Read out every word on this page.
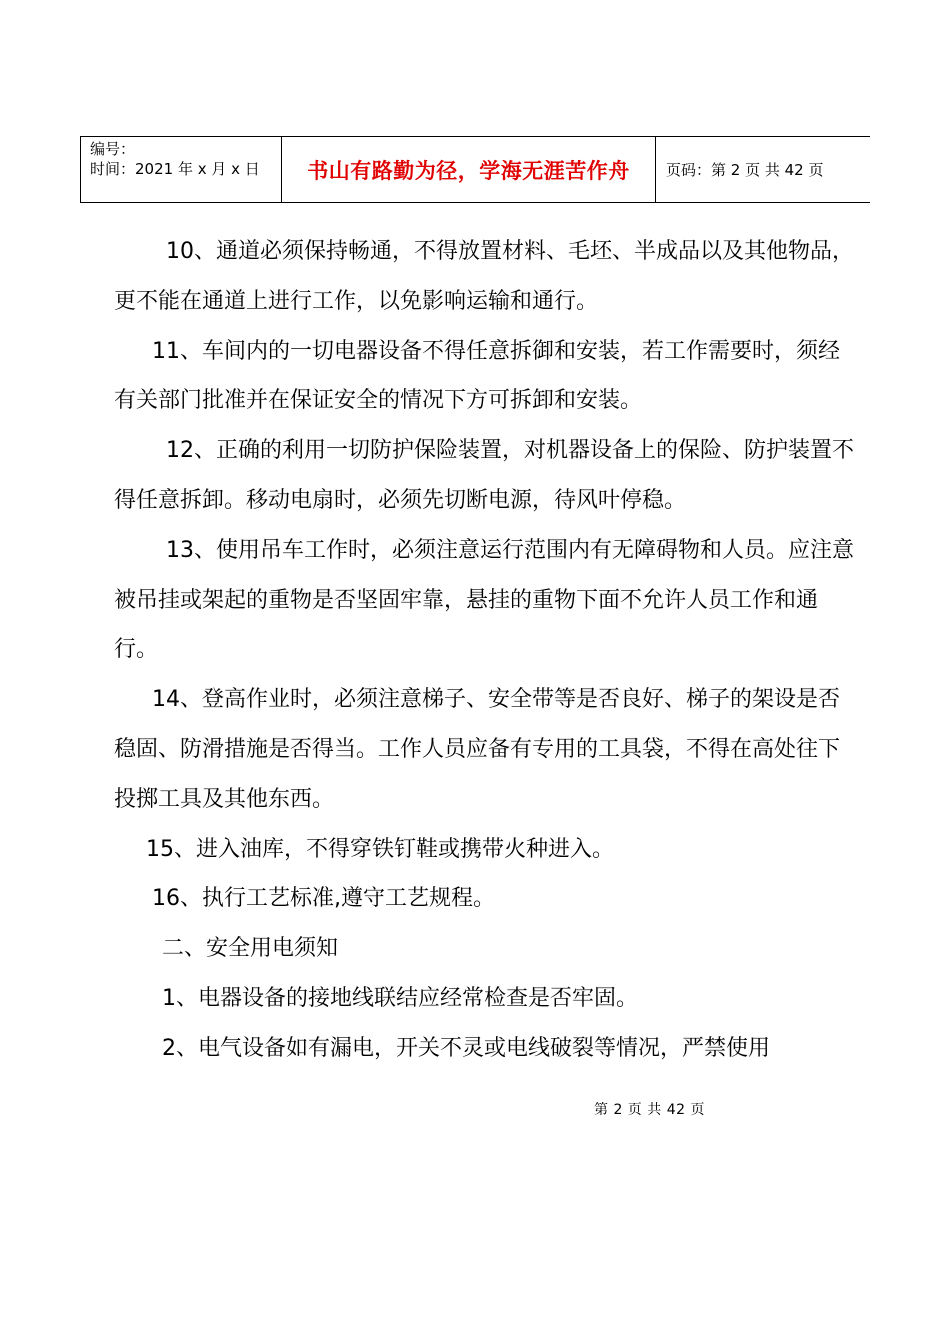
编号：
时间：2021 年 x 月 x 日	书山有路勤为径，学海无涯苦作舟	页码：第 2 页 共 42 页

10、通道必须保持畅通，不得放置材料、毛坯、半成品以及其他物品，更不能在通道上进行工作，以免影响运输和通行。

11、车间内的一切电器设备不得任意拆御和安装，若工作需要时，须经有关部门批准并在保证安全的情况下方可拆卸和安装。

12、正确的利用一切防护保险装置，对机器设备上的保险、防护装置不得任意拆卸。移动电扇时，必须先切断电源，待风叶停稳。

13、使用吊车工作时，必须注意运行范围内有无障碍物和人员。应注意被吊挂或架起的重物是否坚固牢靠，悬挂的重物下面不允许人员工作和通行。

14、登高作业时，必须注意梯子、安全带等是否良好、梯子的架设是否稳固、防滑措施是否得当。工作人员应备有专用的工具袋，不得在高处往下投掷工具及其他东西。

15、进入油库，不得穿铁钉鞋或携带火种进入。

16、执行工艺标准,遵守工艺规程。

二、安全用电须知

1、电器设备的接地线联结应经常检查是否牢固。

2、电气设备如有漏电，开关不灵或电线破裂等情况，严禁使用

第 2 页 共 42 页
